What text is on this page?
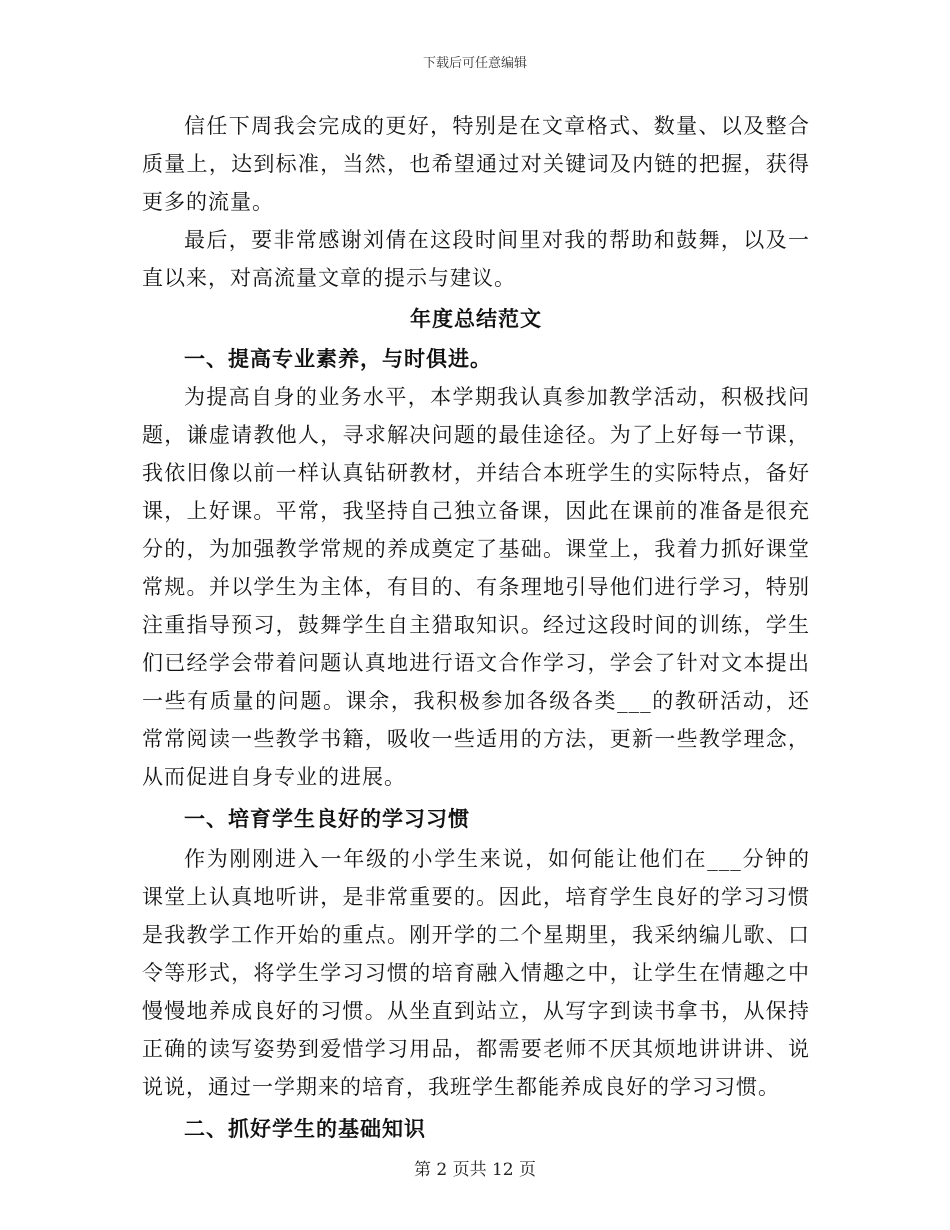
下载后可任意编辑

信任下周我会完成的更好，特别是在文章格式、数量、以及整合质量上，达到标准，当然，也希望通过对关键词及内链的把握，获得更多的流量。

最后，要非常感谢刘倩在这段时间里对我的帮助和鼓舞，以及一直以来，对高流量文章的提示与建议。

年度总结范文
一、提高专业素养，与时俱进。

为提高自身的业务水平，本学期我认真参加教学活动，积极找问题，谦虚请教他人，寻求解决问题的最佳途径。为了上好每一节课，我依旧像以前一样认真钻研教材，并结合本班学生的实际特点，备好课，上好课。平常，我坚持自己独立备课，因此在课前的准备是很充分的，为加强教学常规的养成奠定了基础。课堂上，我着力抓好课堂常规。并以学生为主体，有目的、有条理地引导他们进行学习，特别注重指导预习，鼓舞学生自主猎取知识。经过这段时间的训练，学生们已经学会带着问题认真地进行语文合作学习，学会了针对文本提出一些有质量的问题。课余，我积极参加各级各类___的教研活动，还常常阅读一些教学书籍，吸收一些适用的方法，更新一些教学理念，从而促进自身专业的进展。

一、培育学生良好的学习习惯

作为刚刚进入一年级的小学生来说，如何能让他们在___分钟的课堂上认真地听讲，是非常重要的。因此，培育学生良好的学习习惯是我教学工作开始的重点。刚开学的二个星期里，我采纳编儿歌、口令等形式，将学生学习习惯的培育融入情趣之中，让学生在情趣之中慢慢地养成良好的习惯。从坐直到站立，从写字到读书拿书，从保持正确的读写姿势到爱惜学习用品，都需要老师不厌其烦地讲讲讲、说说说，通过一学期来的培育，我班学生都能养成良好的学习习惯。

二、抓好学生的基础知识
第 2 页共 12 页
